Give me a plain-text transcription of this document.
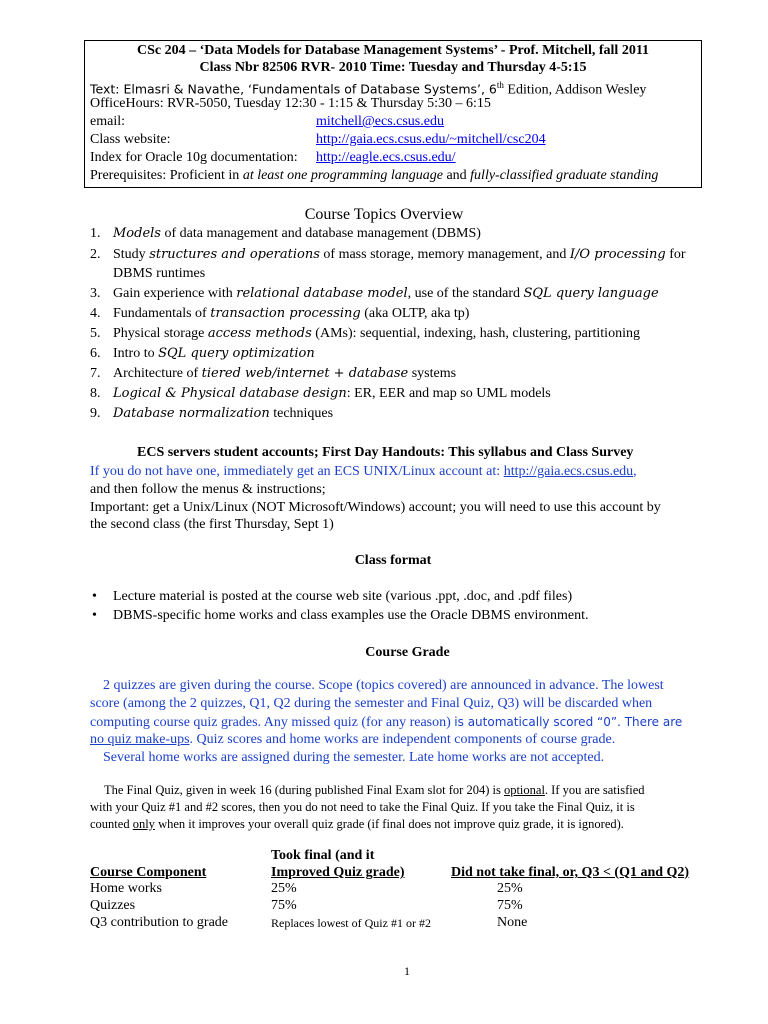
CSc 204 – ‘Data Models for Database Management Systems’ - Prof. Mitchell, fall 2011
Class Nbr 82506 RVR- 2010 Time: Tuesday and Thursday 4-5:15
Text: Elmasri & Navathe, ‘Fundamentals of Database Systems’, 6th Edition, Addison Wesley
OfficeHours: RVR-5050, Tuesday 12:30 - 1:15 & Thursday 5:30 – 6:15
email:	mitchell@ecs.csus.edu
Class website:	http://gaia.ecs.csus.edu/~mitchell/csc204
Index for Oracle 10g documentation: http://eagle.ecs.csus.edu/
Prerequisites: Proficient in at least one programming language and fully-classified graduate standing
Course Topics Overview
1. Models of data management and database management (DBMS)
2. Study structures and operations of mass storage, memory management, and I/O processing for
DBMS runtimes
3. Gain experience with relational database model, use of the standard SQL query language
4. Fundamentals of transaction processing (aka OLTP, aka tp)
5. Physical storage access methods (AMs): sequential, indexing, hash, clustering, partitioning
6. Intro to SQL query optimization
7. Architecture of tiered web/internet + database systems
8. Logical & Physical database design: ER, EER and map so UML models
9. Database normalization techniques
ECS servers student accounts; First Day Handouts: This syllabus and Class Survey
If you do not have one, immediately get an ECS UNIX/Linux account at: http://gaia.ecs.csus.edu,
and then follow the menus & instructions;
Important: get a Unix/Linux (NOT Microsoft/Windows) account; you will need to use this account by
the second class (the first Thursday, Sept 1)
Class format
• Lecture material is posted at the course web site (various .ppt, .doc, and .pdf files)
• DBMS-specific home works and class examples use the Oracle DBMS environment.
Course Grade
2 quizzes are given during the course. Scope (topics covered) are announced in advance. The lowest
score (among the 2 quizzes, Q1, Q2 during the semester and Final Quiz, Q3) will be discarded when
computing course quiz grades. Any missed quiz (for any reason) is automatically scored “0”. There are
no quiz make-ups. Quiz scores and home works are independent components of course grade.
Several home works are assigned during the semester. Late home works are not accepted.
The Final Quiz, given in week 16 (during published Final Exam slot for 204) is optional. If you are satisfied
with your Quiz #1 and #2 scores, then you do not need to take the Final Quiz. If you take the Final Quiz, it is
counted only when it improves your overall quiz grade (if final does not improve quiz grade, it is ignored).
Took final (and it
Course Component	Improved Quiz grade)	Did not take final, or, Q3 < (Q1 and Q2)
Home works	25%	25%
Quizzes	75%	75%
Q3 contribution to grade	Replaces lowest of Quiz #1 or #2	None
1
